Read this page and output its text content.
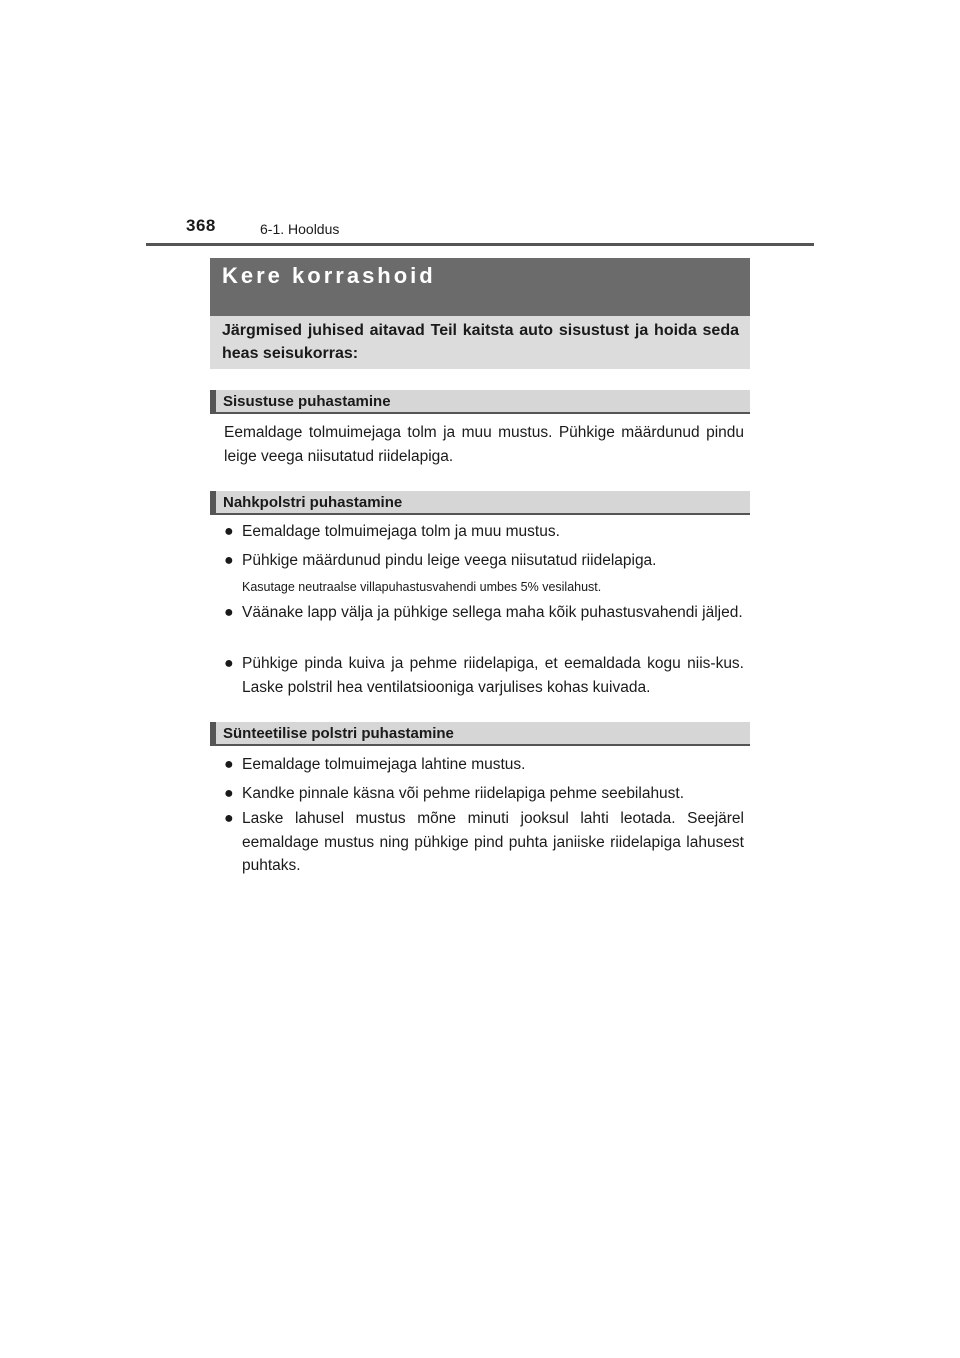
368	6-1. Hooldus
Kere korrashoid
Järgmised juhised aitavad Teil kaitsta auto sisustust ja hoida seda heas seisukorras:
Sisustuse puhastamine
Eemaldage tolmuimejaga tolm ja muu mustus. Pühkige määrdunud pindu leige veega niisutatud riidelapiga.
Nahkpolstri puhastamine
● Eemaldage tolmuimejaga tolm ja muu mustus.
● Pühkige määrdunud pindu leige veega niisutatud riidelapiga.
Kasutage neutraalse villapuhastusvahendi umbes 5% vesilahust.
● Väänake lapp välja ja pühkige sellega maha kõik puhastusvahendi jäljed.
● Pühkige pinda kuiva ja pehme riidelapiga, et eemaldada kogu niis-kus. Laske polstril hea ventilatsiooniga varjulises kohas kuivada.
Sünteetilise polstri puhastamine
● Eemaldage tolmuimejaga lahtine mustus.
● Kandke pinnale käsna või pehme riidelapiga pehme seebilahust.
● Laske lahusel mustus mõne minuti jooksul lahti leotada. Seejärel eemaldage mustus ning pühkige pind puhta janiiske riidelapiga lahusest puhtaks.
